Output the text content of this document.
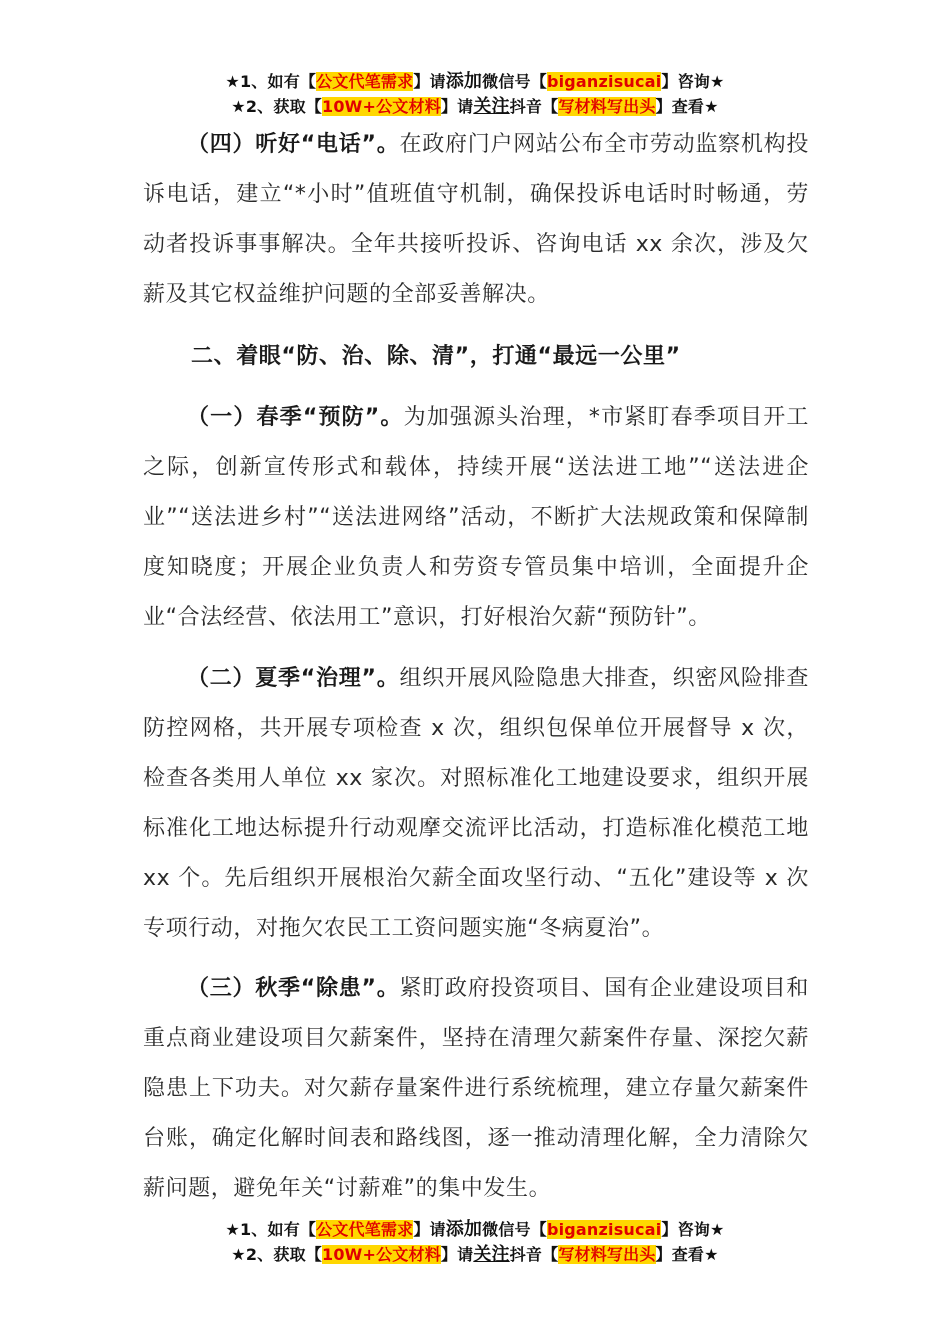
★1、如有【公文代笔需求】请添加微信号【biganzisucai】咨询★
★2、获取【10W+公文材料】请关注抖音【写材料写出头】查看★

（四）听好“电话”。在政府门户网站公布全市劳动监察机构投诉电话，建立“*小时”值班值守机制，确保投诉电话时时畅通，劳动者投诉事事解决。全年共接听投诉、咨询电话 xx 余次，涉及欠薪及其它权益维护问题的全部妥善解决。

二、着眼“防、治、除、清”，打通“最远一公里”

（一）春季“预防”。为加强源头治理，*市紧盯春季项目开工之际，创新宣传形式和载体，持续开展“送法进工地”“送法进企业”“送法进乡村”“送法进网络”活动，不断扩大法规政策和保障制度知晓度；开展企业负责人和劳资专管员集中培训，全面提升企业“合法经营、依法用工”意识，打好根治欠薪“预防针”。

（二）夏季“治理”。组织开展风险隐患大排查，织密风险排查防控网格，共开展专项检查 x 次，组织包保单位开展督导 x 次，检查各类用人单位 xx 家次。对照标准化工地建设要求，组织开展标准化工地达标提升行动观摩交流评比活动，打造标准化模范工地 xx 个。先后组织开展根治欠薪全面攻坚行动、“五化”建设等 x 次专项行动，对拖欠农民工工资问题实施“冬病夏治”。

（三）秋季“除患”。紧盯政府投资项目、国有企业建设项目和重点商业建设项目欠薪案件，坚持在清理欠薪案件存量、深挖欠薪隐患上下功夫。对欠薪存量案件进行系统梳理，建立存量欠薪案件台账，确定化解时间表和路线图，逐一推动清理化解，全力清除欠薪问题，避免年关“讨薪难”的集中发生。

★1、如有【公文代笔需求】请添加微信号【biganzisucai】咨询★
★2、获取【10W+公文材料】请关注抖音【写材料写出头】查看★
